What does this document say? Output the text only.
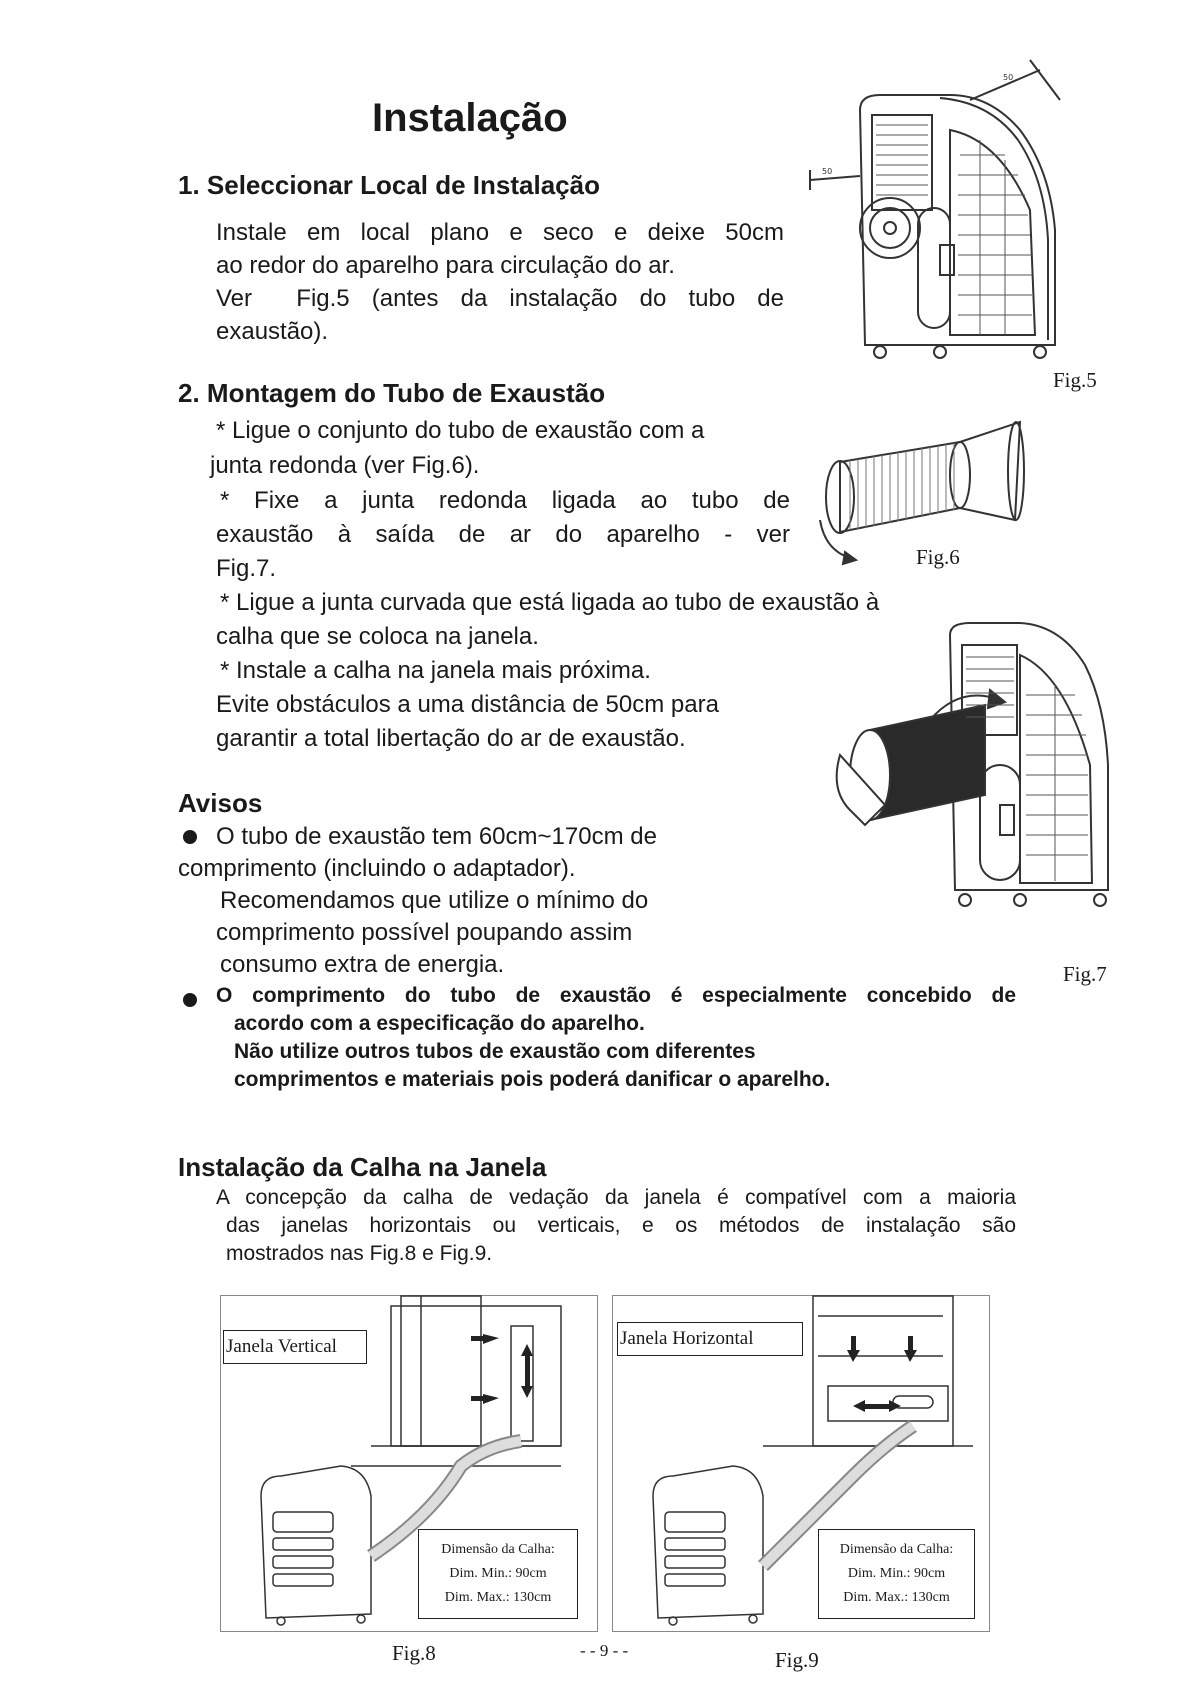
Instalação
1. Seleccionar Local de Instalação
Instale em local plano e seco e deixe 50cm
ao redor do aparelho para circulação do ar.
Ver  Fig.5 (antes da instalação do tubo de
exaustão).
2. Montagem do Tubo de Exaustão
* Ligue o conjunto do tubo de exaustão com a
junta redonda (ver Fig.6).
* Fixe a junta redonda ligada ao tubo de
exaustão à saída de ar do aparelho - ver
Fig.7.
* Ligue a junta curvada que está ligada ao tubo de exaustão à
calha que se coloca na janela.
* Instale a calha na janela mais próxima.
Evite obstáculos a uma distância de 50cm para
garantir a total libertação do ar de exaustão.
Avisos
O tubo de exaustão tem 60cm~170cm de
comprimento (incluindo o adaptador).
Recomendamos que utilize o mínimo do
comprimento possível poupando assim
consumo extra de energia.
O comprimento do tubo de exaustão é especialmente concebido de
acordo com a especificação do aparelho.
Não utilize outros tubos de exaustão com diferentes
comprimentos e materiais pois poderá danificar o aparelho.
Instalação da Calha na Janela
A concepção da calha de vedação da janela é compatível com a maioria
das janelas horizontais ou verticais, e os métodos de instalação são
mostrados nas Fig.8 e Fig.9.
50
50
Fig.5
Fig.6
Fig.7
Janela Vertical
Dimensão da Calha:
Dim. Min.: 90cm
Dim. Max.: 130cm
Fig.8	- - 9 - -
Janela Horizontal
Dimensão da Calha:
Dim. Min.: 90cm
Dim. Max.: 130cm
Fig.9
